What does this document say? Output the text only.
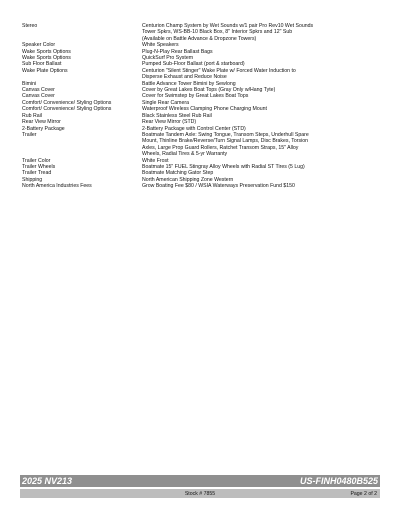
Stereo	Centurion Champ System by Wet Sounds w/1 pair Pro Rev10 Wet Sounds
Tower Spkrs, WS-BB-10 Black Box, 8" Interior Spkrs and 12" Sub
(Available on Battle Advance & Dropzone Towers)
Speaker Color	White Speakers
Wake Sports Options	Plug-N-Play Rear Ballast Bags
Wake Sports Options	QuickSurf Pro System
Sub Floor Ballast	Pumped Sub-Floor Ballast (port & starboard)
Wake Plate Options	Centurion "Silent Stinger" Wake Plate w/ Forced Water Induction to
Disperse Exhaust and Reduce Noise
Bimini	Battle Advance Tower Bimini by Sewlong
Canvas Cover	Cover by Great Lakes Boat Tops (Gray Only w/Hang Tyte)
Canvas Cover	Cover for Swimstep by Great Lakes Boat Tops
Comfort/ Convenience/ Styling Options	Single Rear Camera
Comfort/ Convenience/ Styling Options	Waterproof Wireless Clamping Phone Charging Mount
Rub Rail	Black Stainless Steel Rub Rail
Rear View Mirror	Rear View Mirror (STD)
2-Battery Package	2-Battery Package with Control Center (STD)
Trailer	Boatmate Tandem Axle: Swing Tongue, Transom Steps, Underhull Spare
Mount, Thinline Brake/Reverse/Turn Signal Lamps, Disc Brakes, Torsion
Axles, Large Prop Guard Rollers, Ratchet Transom Straps, 15" Alloy
Wheels, Radial Tires & 5-yr Warranty
Trailer Color	White Frost
Trailer Wheels	Boatmate 15" FUEL Stingray Alloy Wheels with Radial ST Tires (5 Lug)
Trailer Tread	Boatmate Matching Gator Step
Shipping	North American Shipping Zone Western
North America Industries Fees	Grow Boating Fee $80 / WSIA Waterways Preservation Fund $150
2025 NV213	US-FINH0480B525
Stock # 7855	Page 2 of 2
